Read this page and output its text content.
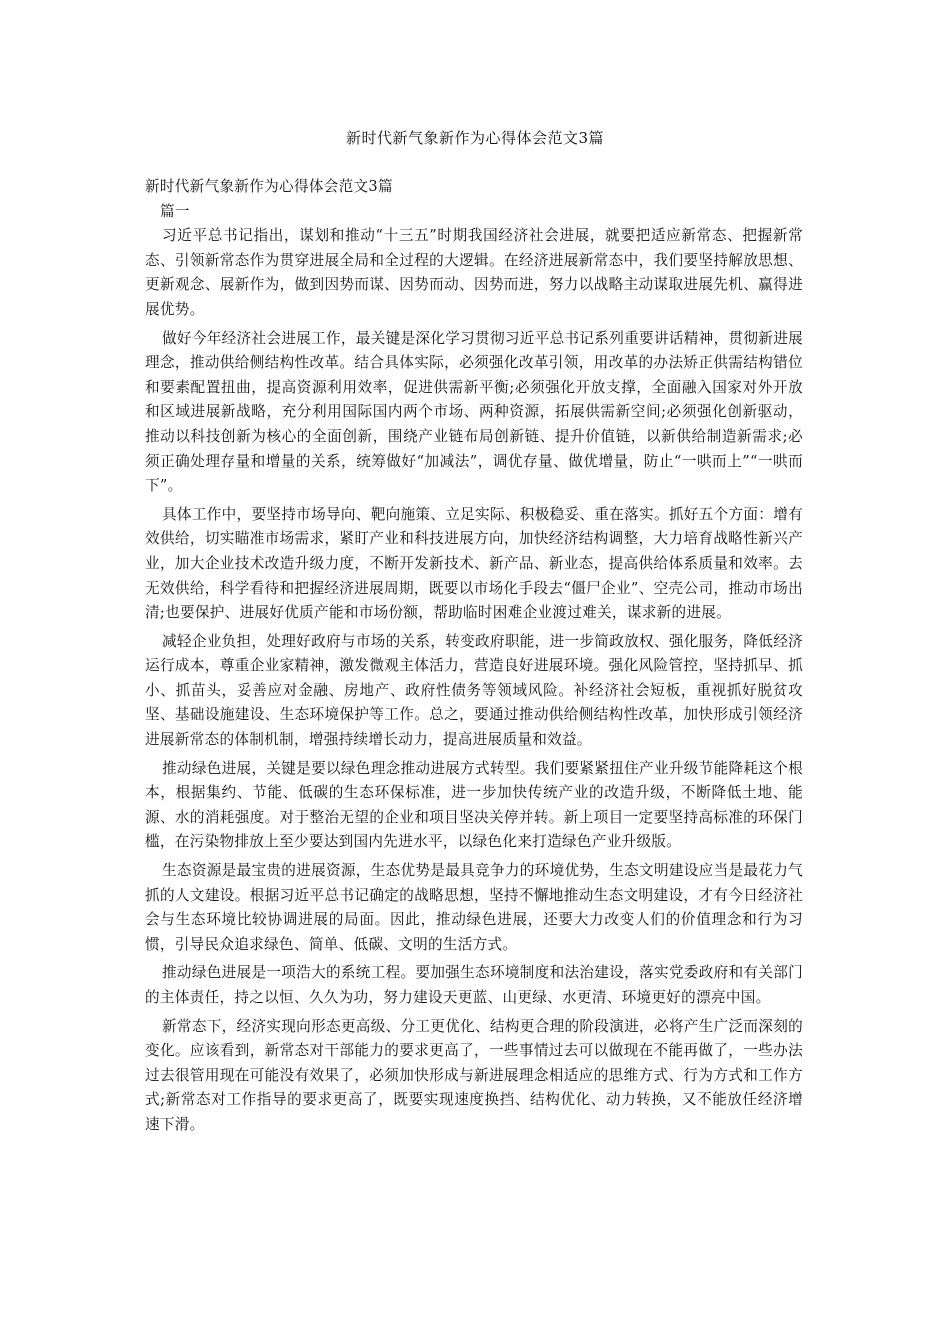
新时代新气象新作为心得体会范文3篇

新时代新气象新作为心得体会范文3篇

篇一

习近平总书记指出，谋划和推动“十三五”时期我国经济社会进展，就要把适应新常态、把握新常态、引领新常态作为贯穿进展全局和全过程的大逻辑。在经济进展新常态中，我们要坚持解放思想、更新观念、展新作为，做到因势而谋、因势而动、因势而进，努力以战略主动谋取进展先机、赢得进展优势。

做好今年经济社会进展工作，最关键是深化学习贯彻习近平总书记系列重要讲话精神，贯彻新进展理念，推动供给侧结构性改革。结合具体实际，必须强化改革引领，用改革的办法矫正供需结构错位和要素配置扭曲，提高资源利用效率，促进供需新平衡;必须强化开放支撑，全面融入国家对外开放和区域进展新战略，充分利用国际国内两个市场、两种资源，拓展供需新空间;必须强化创新驱动，推动以科技创新为核心的全面创新，围绕产业链布局创新链、提升价值链，以新供给制造新需求;必须正确处理存量和增量的关系，统筹做好“加减法”，调优存量、做优增量，防止“一哄而上”“一哄而下”。

具体工作中，要坚持市场导向、靶向施策、立足实际、积极稳妥、重在落实。抓好五个方面：增有效供给，切实瞄准市场需求，紧盯产业和科技进展方向，加快经济结构调整，大力培育战略性新兴产业，加大企业技术改造升级力度，不断开发新技术、新产品、新业态，提高供给体系质量和效率。去无效供给，科学看待和把握经济进展周期，既要以市场化手段去“僵尸企业”、空壳公司，推动市场出清;也要保护、进展好优质产能和市场份额，帮助临时困难企业渡过难关，谋求新的进展。

减轻企业负担，处理好政府与市场的关系，转变政府职能，进一步简政放权、强化服务，降低经济运行成本，尊重企业家精神，激发微观主体活力，营造良好进展环境。强化风险管控，坚持抓早、抓小、抓苗头，妥善应对金融、房地产、政府性债务等领域风险。补经济社会短板，重视抓好脱贫攻坚、基础设施建设、生态环境保护等工作。总之，要通过推动供给侧结构性改革，加快形成引领经济进展新常态的体制机制，增强持续增长动力，提高进展质量和效益。

推动绿色进展，关键是要以绿色理念推动进展方式转型。我们要紧紧扭住产业升级节能降耗这个根本，根据集约、节能、低碳的生态环保标准，进一步加快传统产业的改造升级，不断降低土地、能源、水的消耗强度。对于整治无望的企业和项目坚决关停并转。新上项目一定要坚持高标准的环保门槛，在污染物排放上至少要达到国内先进水平，以绿色化来打造绿色产业升级版。

生态资源是最宝贵的进展资源，生态优势是最具竞争力的环境优势，生态文明建设应当是最花力气抓的人文建设。根据习近平总书记确定的战略思想，坚持不懈地推动生态文明建设，才有今日经济社会与生态环境比较协调进展的局面。因此，推动绿色进展，还要大力改变人们的价值理念和行为习惯，引导民众追求绿色、简单、低碳、文明的生活方式。

推动绿色进展是一项浩大的系统工程。要加强生态环境制度和法治建设，落实党委政府和有关部门的主体责任，持之以恒、久久为功，努力建设天更蓝、山更绿、水更清、环境更好的漂亮中国。

新常态下，经济实现向形态更高级、分工更优化、结构更合理的阶段演进，必将产生广泛而深刻的变化。应该看到，新常态对干部能力的要求更高了，一些事情过去可以做现在不能再做了，一些办法过去很管用现在可能没有效果了，必须加快形成与新进展理念相适应的思维方式、行为方式和工作方式;新常态对工作指导的要求更高了，既要实现速度换挡、结构优化、动力转换，又不能放任经济增速下滑。
